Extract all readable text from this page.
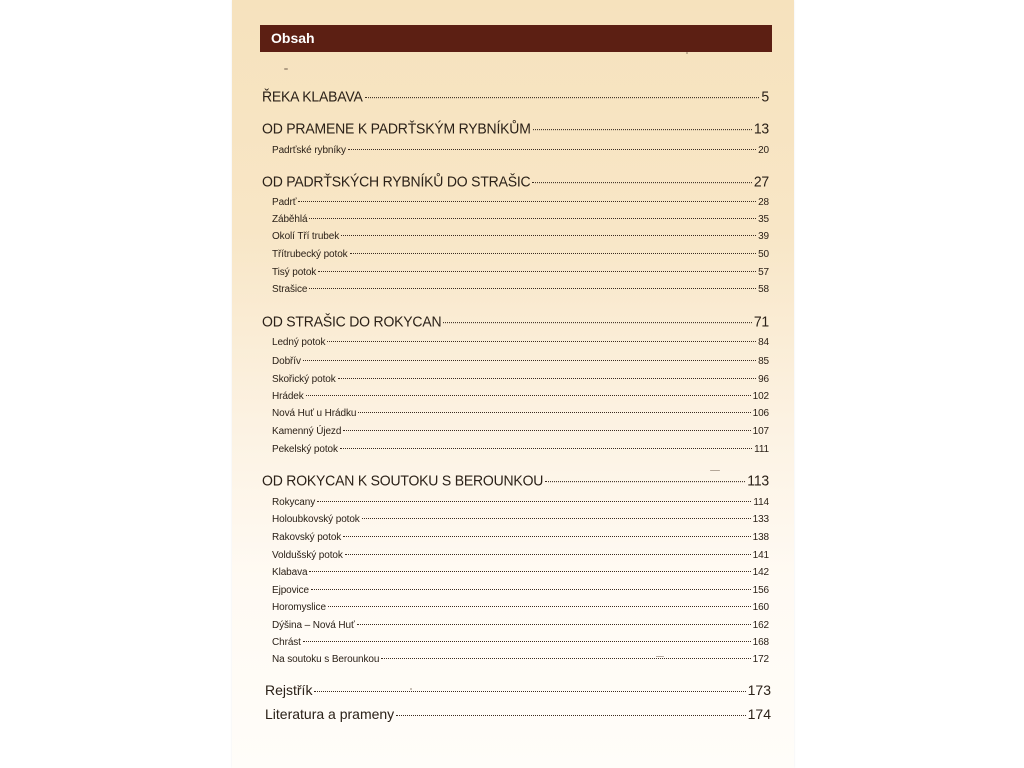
Obsah
ŘEKA KLABAVA	5
OD PRAMENE K PADRŤSKÝM RYBNÍKŮM	13
Padrťské rybníky	20
OD PADRŤSKÝCH RYBNÍKŮ DO STRAŠIC	27
Padrť	28
Záběhlá	35
Okolí Tří trubek	39
Třítrubecký potok	50
Tisý potok	57
Strašice	58
OD STRAŠIC DO ROKYCAN	71
Ledný potok	84
Dobřív	85
Skořický potok	96
Hrádek	102
Nová Huť u Hrádku	106
Kamenný Újezd	107
Pekelský potok	111
OD ROKYCAN K SOUTOKU S BEROUNKOU	113
Rokycany	114
Holoubkovský potok	133
Rakovský potok	138
Voldušský potok	141
Klabava	142
Ejpovice	156
Horomyslice	160
Dýšina – Nová Huť	162
Chrást	168
Na soutoku s Berounkou	172
Rejstřík	173
Literatura a prameny	174
